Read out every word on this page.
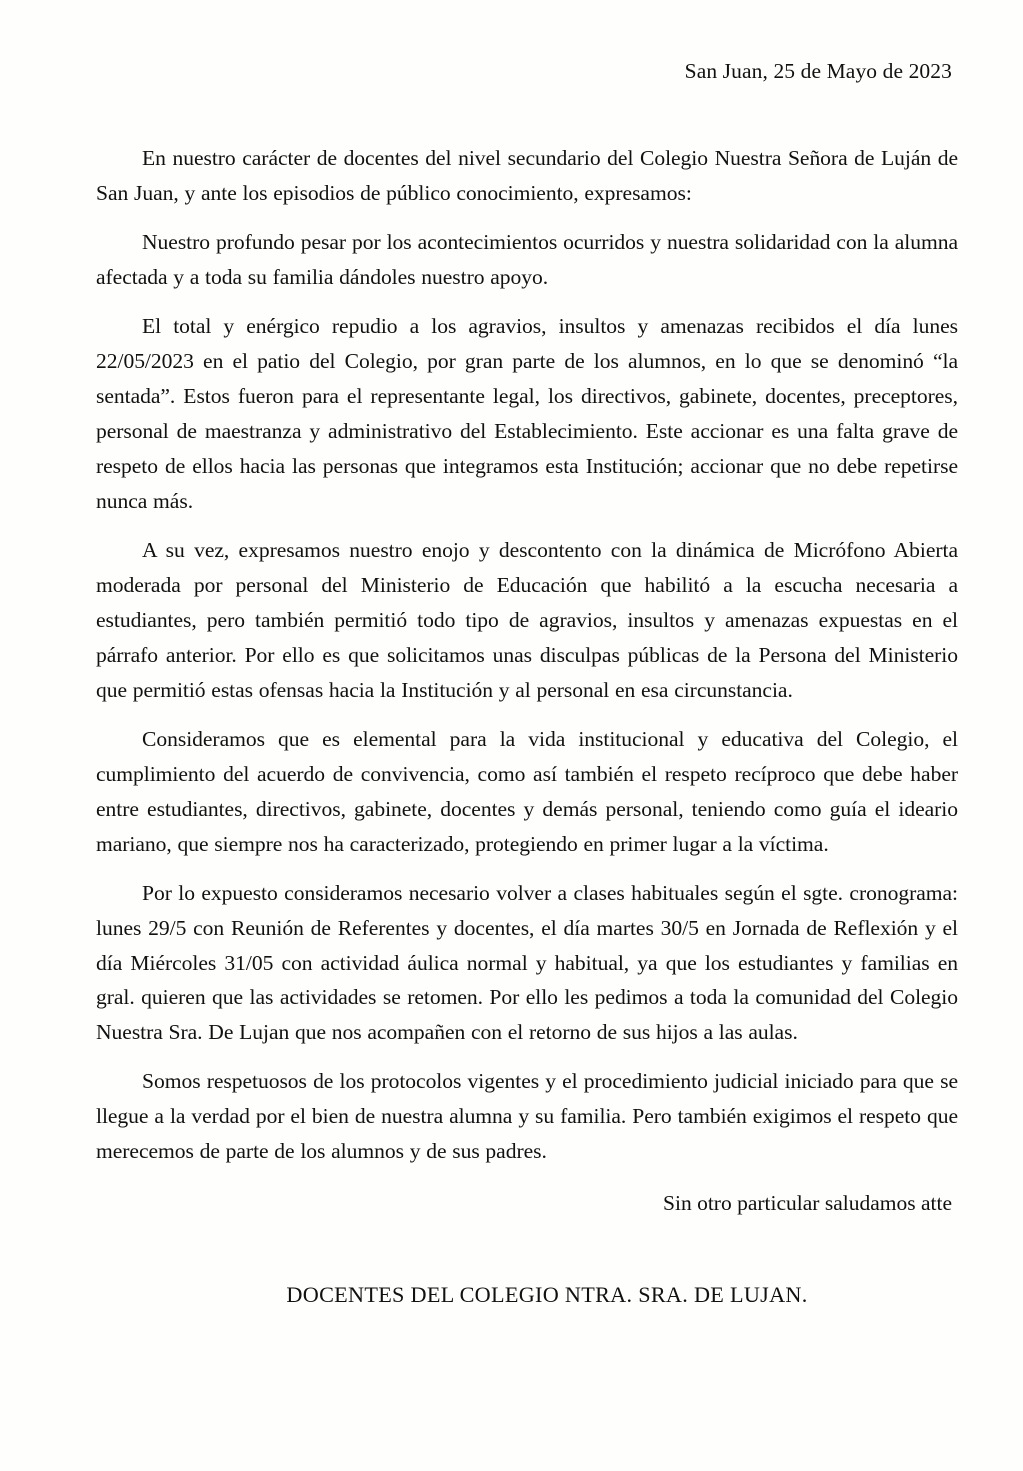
San Juan, 25 de Mayo de 2023

En nuestro carácter de docentes del nivel secundario del Colegio Nuestra Señora de Luján de San Juan, y ante los episodios de público conocimiento, expresamos:

Nuestro profundo pesar por los acontecimientos ocurridos y nuestra solidaridad con la alumna afectada y a toda su familia dándoles nuestro apoyo.

El total y enérgico repudio a los agravios, insultos y amenazas recibidos el día lunes 22/05/2023 en el patio del Colegio, por gran parte de los alumnos, en lo que se denominó “la sentada”. Estos fueron para el representante legal, los directivos, gabinete, docentes, preceptores, personal de maestranza y administrativo del Establecimiento. Este accionar es una falta grave de respeto de ellos hacia las personas que integramos esta Institución; accionar que no debe repetirse nunca más.

A su vez, expresamos nuestro enojo y descontento con la dinámica de Micrófono Abierta moderada por personal del Ministerio de Educación que habilitó a la escucha necesaria a estudiantes, pero también permitió todo tipo de agravios, insultos y amenazas expuestas en el párrafo anterior. Por ello es que solicitamos unas disculpas públicas de la Persona del Ministerio que permitió estas ofensas hacia la Institución y al personal en esa circunstancia.

Consideramos que es elemental para la vida institucional y educativa del Colegio, el cumplimiento del acuerdo de convivencia, como así también el respeto recíproco que debe haber entre estudiantes, directivos, gabinete, docentes y demás personal, teniendo como guía el ideario mariano, que siempre nos ha caracterizado, protegiendo en primer lugar a la víctima.

Por lo expuesto consideramos necesario volver a clases habituales según el sgte. cronograma: lunes 29/5 con Reunión de Referentes y docentes, el día martes 30/5 en Jornada de Reflexión y el día Miércoles 31/05 con actividad áulica normal y habitual, ya que los estudiantes y familias en gral. quieren que las actividades se retomen. Por ello les pedimos a toda la comunidad del Colegio Nuestra Sra. De Lujan que nos acompañen con el retorno de sus hijos a las aulas.

Somos respetuosos de los protocolos vigentes y el procedimiento judicial iniciado para que se llegue a la verdad por el bien de nuestra alumna y su familia. Pero también exigimos el respeto que merecemos de parte de los alumnos y de sus padres.

Sin otro particular saludamos atte
DOCENTES DEL COLEGIO NTRA. SRA. DE LUJAN.
